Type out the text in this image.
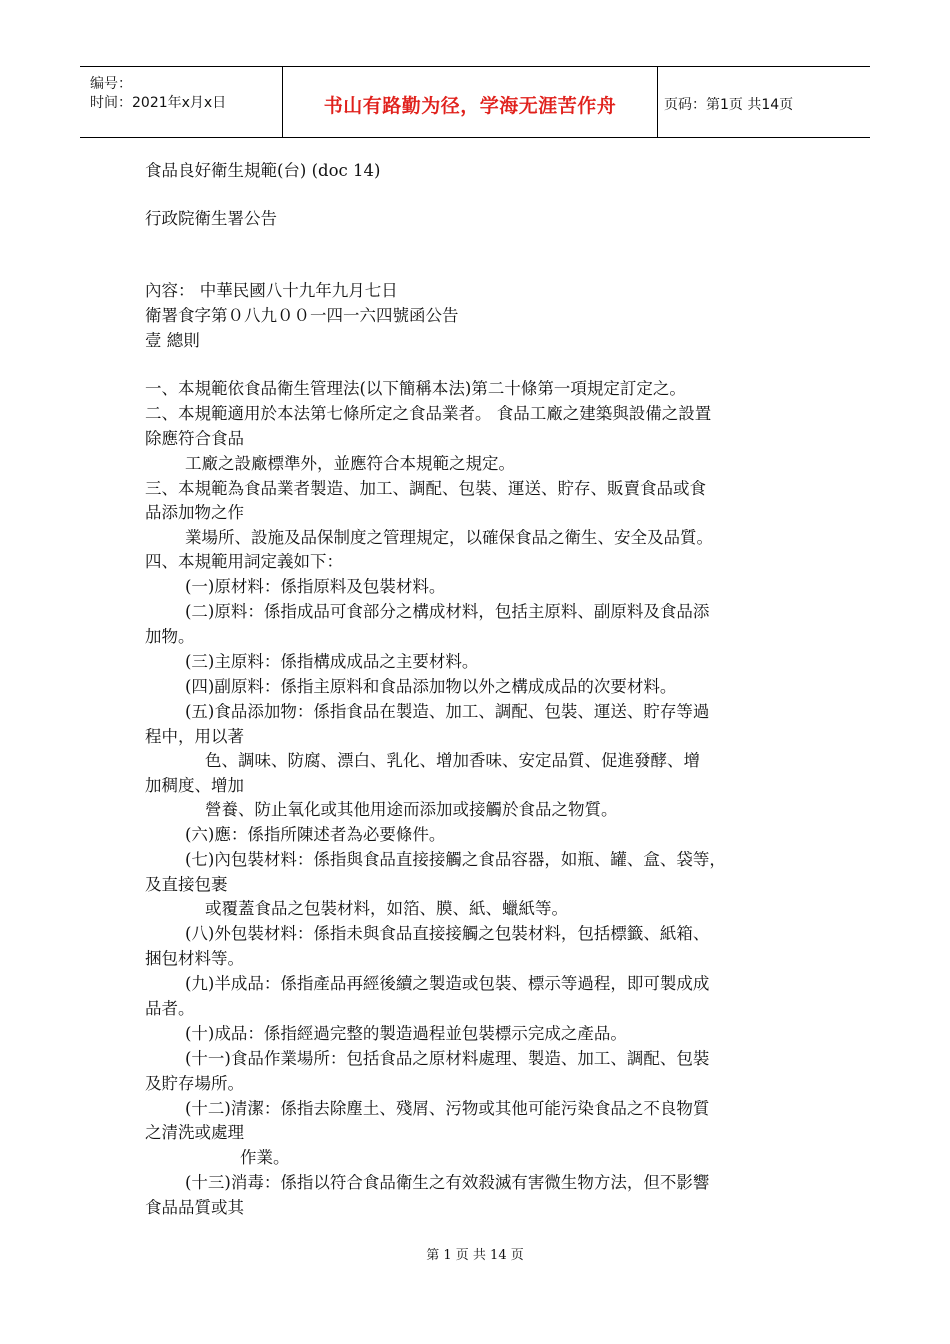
编号：
时间：2021年x月x日	书山有路勤为径，学海无涯苦作舟	页码：第1页 共14页
食品良好衛生規範(台) (doc 14)
行政院衛生署公告
內容： 中華民國八十九年九月七日
衛署食字第０八九００一四一六四號函公告
壹 總則
一、本規範依食品衛生管理法(以下簡稱本法)第二十條第一項規定訂定之。
二、本規範適用於本法第七條所定之食品業者。 食品工廠之建築與設備之設置
除應符合食品
工廠之設廠標準外，並應符合本規範之規定。
三、本規範為食品業者製造、加工、調配、包裝、運送、貯存、販賣食品或食
品添加物之作
業場所、設施及品保制度之管理規定，以確保食品之衛生、安全及品質。
四、本規範用詞定義如下：
(一)原材料：係指原料及包裝材料。
(二)原料：係指成品可食部分之構成材料，包括主原料、副原料及食品添
加物。
(三)主原料：係指構成成品之主要材料。
(四)副原料：係指主原料和食品添加物以外之構成成品的次要材料。
(五)食品添加物：係指食品在製造、加工、調配、包裝、運送、貯存等過
程中，用以著
色、調味、防腐、漂白、乳化、增加香味、安定品質、促進發酵、增
加稠度、增加
營養、防止氧化或其他用途而添加或接觸於食品之物質。
(六)應：係指所陳述者為必要條件。
(七)內包裝材料：係指與食品直接接觸之食品容器，如瓶、罐、盒、袋等，
及直接包裹
或覆蓋食品之包裝材料，如箔、膜、紙、蠟紙等。
(八)外包裝材料：係指未與食品直接接觸之包裝材料，包括標籤、紙箱、
捆包材料等。
(九)半成品：係指產品再經後續之製造或包裝、標示等過程，即可製成成
品者。
(十)成品：係指經過完整的製造過程並包裝標示完成之產品。
(十一)食品作業場所：包括食品之原材料處理、製造、加工、調配、包裝
及貯存場所。
(十二)清潔：係指去除塵土、殘屑、污物或其他可能污染食品之不良物質
之清洗或處理
作業。
(十三)消毒：係指以符合食品衛生之有效殺滅有害微生物方法，但不影響
食品品質或其
第 1 页 共 14 页
